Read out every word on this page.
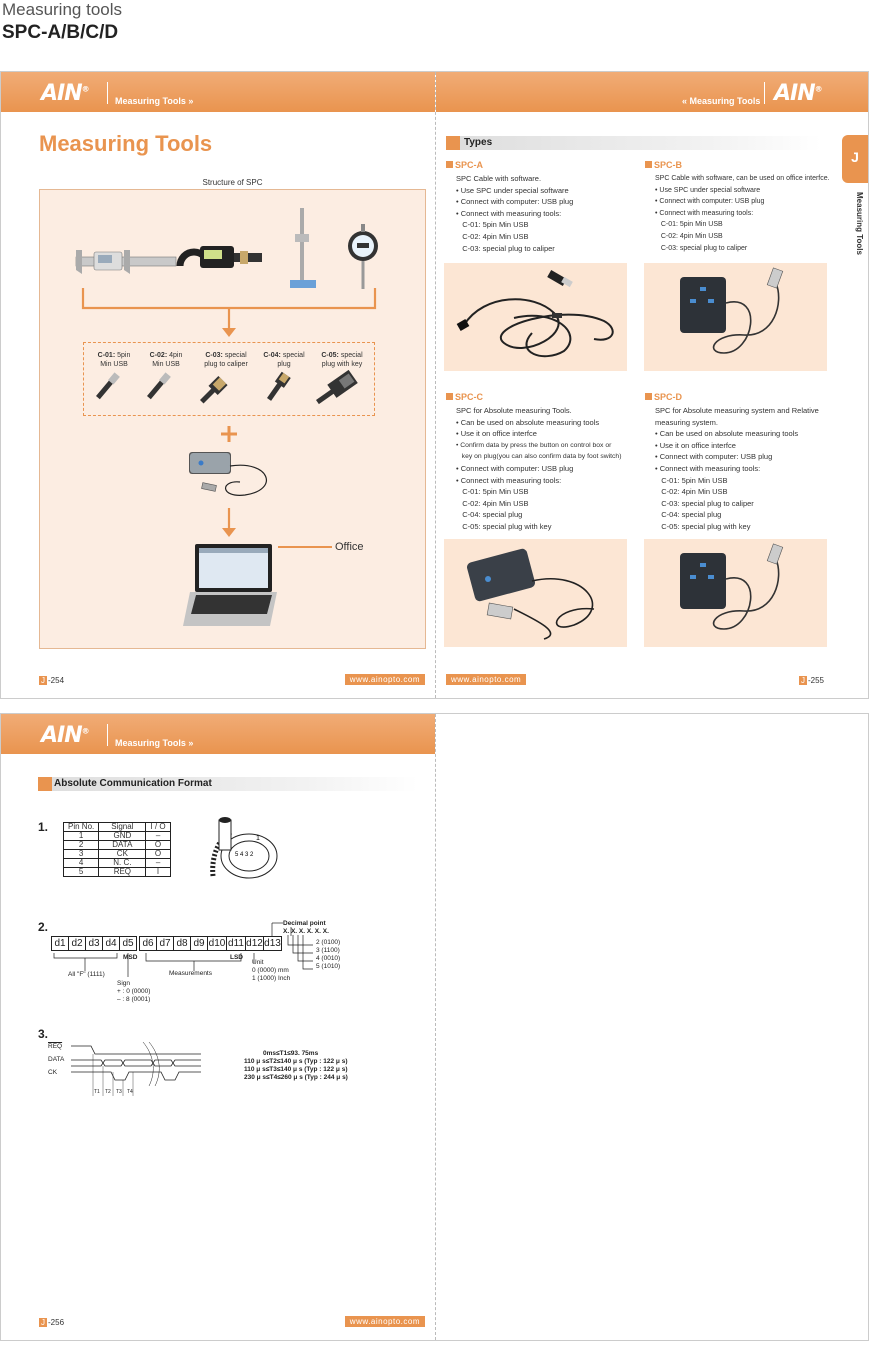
Measuring tools
SPC-A/B/C/D
AIN®
Measuring Tools »
Measuring Tools
Structure of SPC
C-01: 5pin
Min USB
C-02: 4pin
Min USB
C-03: special
plug to caliper
C-04: special
plug
C-05: special
plug with key
Office
J -254	www.ainopto.com
« Measuring Tools AIN®
Types
J
Measuring Tools
SPC-A
SPC Cable with software.
• Use SPC under special software
• Connect with computer: USB plug
• Connect with measuring tools:
C-01: 5pin Min USB
C-02: 4pin Min USB
C-03: special plug to caliper
SPC-B
SPC Cable with software, can be used on office interfce.
• Use SPC under special software
• Connect with computer: USB plug
• Connect with measuring tools:
C-01: 5pin Min USB
C-02: 4pin Min USB
C-03: special plug to caliper
SPC-C
SPC for Absolute measuring Tools.
• Can be used on absolute measuring tools
• Use it on office interfce
• Confirm data by press the button on control box or
key on plug(you can also confirm data by foot switch)
• Connect with computer: USB plug
• Connect with measuring tools:
C-01: 5pin Min USB
C-02: 4pin Min USB
C-04: special plug
C-05: special plug with key
SPC-D
SPC for Absolute measuring system and Relative
measuring system.
• Can be used on absolute measuring tools
• Use it on office interfce
• Connect with computer: USB plug
• Connect with measuring tools:
C-01: 5pin Min USB
C-02: 4pin Min USB
C-03: special plug to caliper
C-04: special plug
C-05: special plug with key
www.ainopto.com	J -255
AIN®
Measuring Tools »
Absolute Communication Format
1. Pin No.	Signal	I / O
1	GND	–
2	DATA	O
3	CK	O
4	N. C.	–
5	REQ	I
1
5 4 3 2
2.	Decimal point
X. X. X. X. X. X.
d1 d2 d3 d4 d5 d6 d7 d8 d9 d10 d11 d12 d13
MSD	LSD
2 (0100)
3 (1100)
4 (0010)
5 (1010)
Unit
0 (0000) mm
1 (1000) Inch
All "F" (1111)	Measurements
Sign
+ : 0 (0000)
– : 8 (0001)
3.
$\overline{REQ}$
DATA
CK
T1 T2 T3 T4
0ms≤T1≤93. 75ms
110 μ s≤T2≤140 μ s (Typ : 122 μ s)
110 μ s≤T3≤140 μ s (Typ : 122 μ s)
230 μ s≤T4≤260 μ s (Typ : 244 μ s)
J -256	www.ainopto.com
